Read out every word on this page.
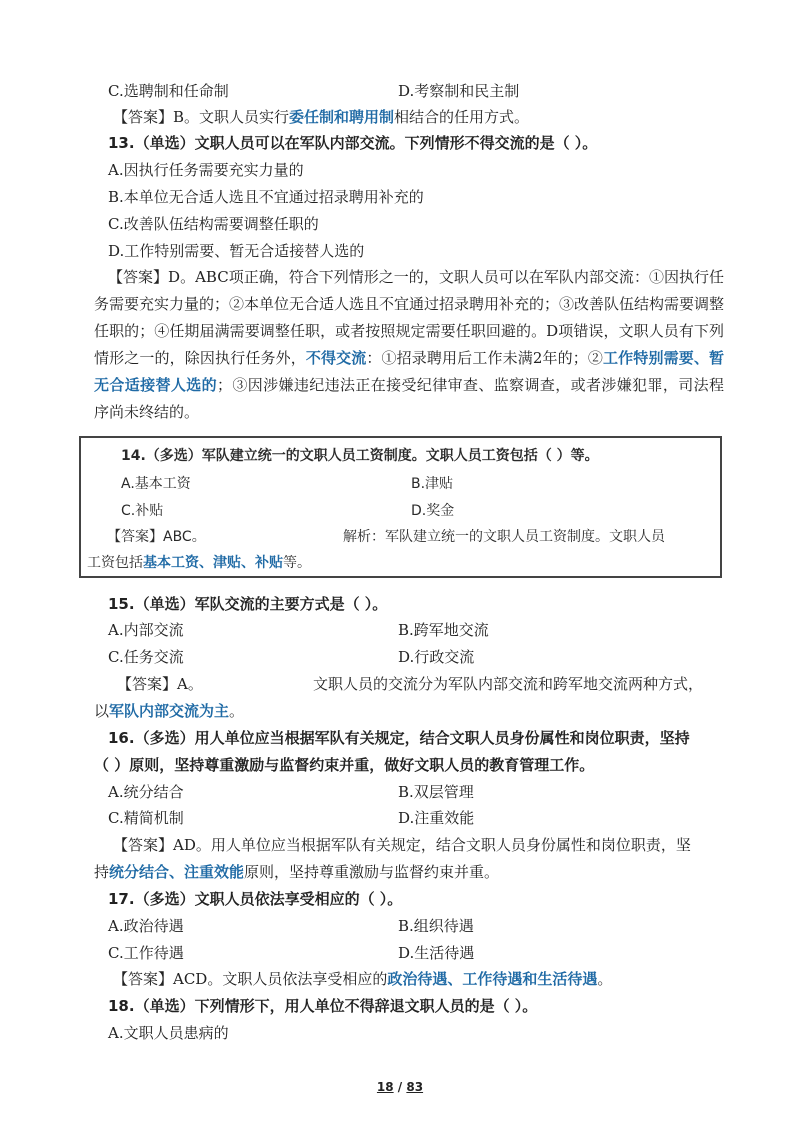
C.选聘制和任命制	D.考察制和民主制
【答案】B。文职人员实行委任制和聘用制相结合的任用方式。
13.（单选）文职人员可以在军队内部交流。下列情形不得交流的是（ ）。
A.因执行任务需要充实力量的
B.本单位无合适人选且不宜通过招录聘用补充的
C.改善队伍结构需要调整任职的
D.工作特别需要、暂无合适接替人选的
【答案】D。ABC项正确，符合下列情形之一的，文职人员可以在军队内部交流：①因执行任务需要充实力量的；②本单位无合适人选且不宜通过招录聘用补充的；③改善队伍结构需要调整任职的；④任期届满需要调整任职，或者按照规定需要任职回避的。D项错误，文职人员有下列情形之一的，除因执行任务外，不得交流：①招录聘用后工作未满2年的；②工作特别需要、暂无合适接替人选的；③因涉嫌违纪违法正在接受纪律审查、监察调查，或者涉嫌犯罪，司法程序尚未终结的。
14.（多选）军队建立统一的文职人员工资制度。文职人员工资包括（ ）等。
A.基本工资	B.津贴
C.补贴	D.奖金
【答案】ABC。	解析：军队建立统一的文职人员工资制度。文职人员
工资包括基本工资、津贴、补贴等。
15.（单选）军队交流的主要方式是（ ）。
A.内部交流	B.跨军地交流
C.任务交流	D.行政交流
【答案】A。	文职人员的交流分为军队内部交流和跨军地交流两种方式，
以军队内部交流为主。
16.（多选）用人单位应当根据军队有关规定，结合文职人员身份属性和岗位职责，坚持
（ ）原则，坚持尊重激励与监督约束并重，做好文职人员的教育管理工作。
A.统分结合	B.双层管理
C.精简机制	D.注重效能
【答案】AD。用人单位应当根据军队有关规定，结合文职人员身份属性和岗位职责，坚
持统分结合、注重效能原则，坚持尊重激励与监督约束并重。
17.（多选）文职人员依法享受相应的（ ）。
A.政治待遇	B.组织待遇
C.工作待遇	D.生活待遇
【答案】ACD。文职人员依法享受相应的政治待遇、工作待遇和生活待遇。
18.（单选）下列情形下，用人单位不得辞退文职人员的是（ ）。
A.文职人员患病的
18 / 83
